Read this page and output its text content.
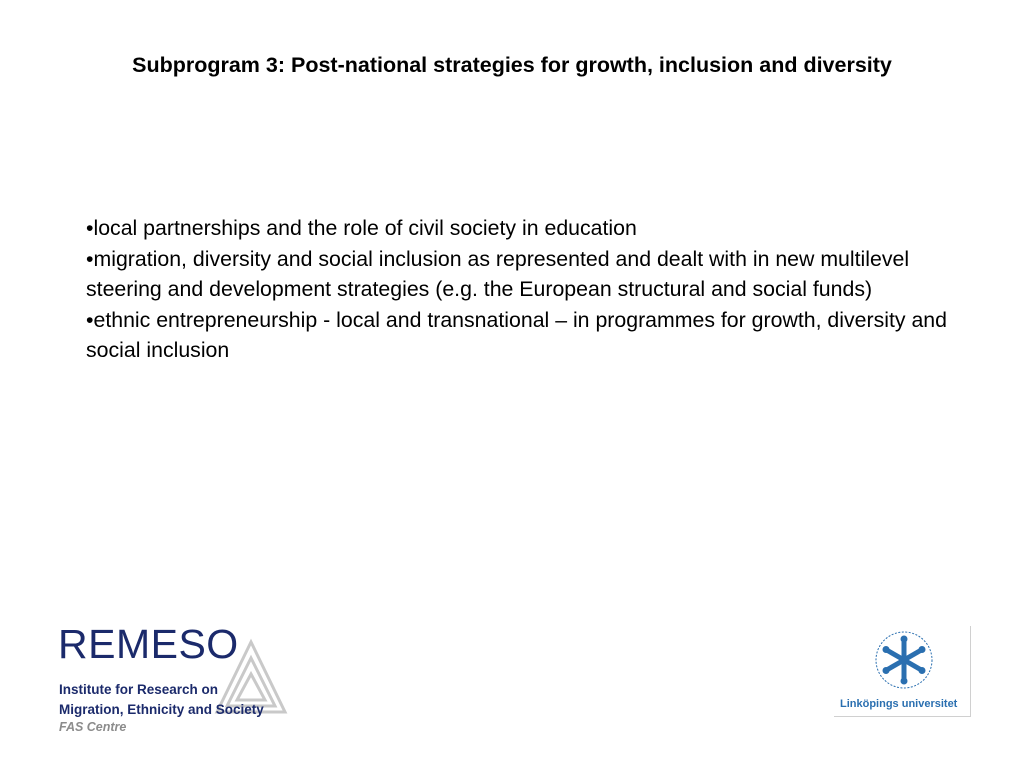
Subprogram 3: Post-national strategies for growth, inclusion and diversity
•local partnerships and the role of civil society in education
•migration, diversity and social inclusion as represented and dealt with in new multilevel steering and development strategies (e.g. the European structural and social funds)
•ethnic entrepreneurship - local and transnational – in programmes for growth, diversity and social inclusion
REMESO
Institute for Research on
Migration, Ethnicity and Society
FAS Centre
Linköpings universitet
